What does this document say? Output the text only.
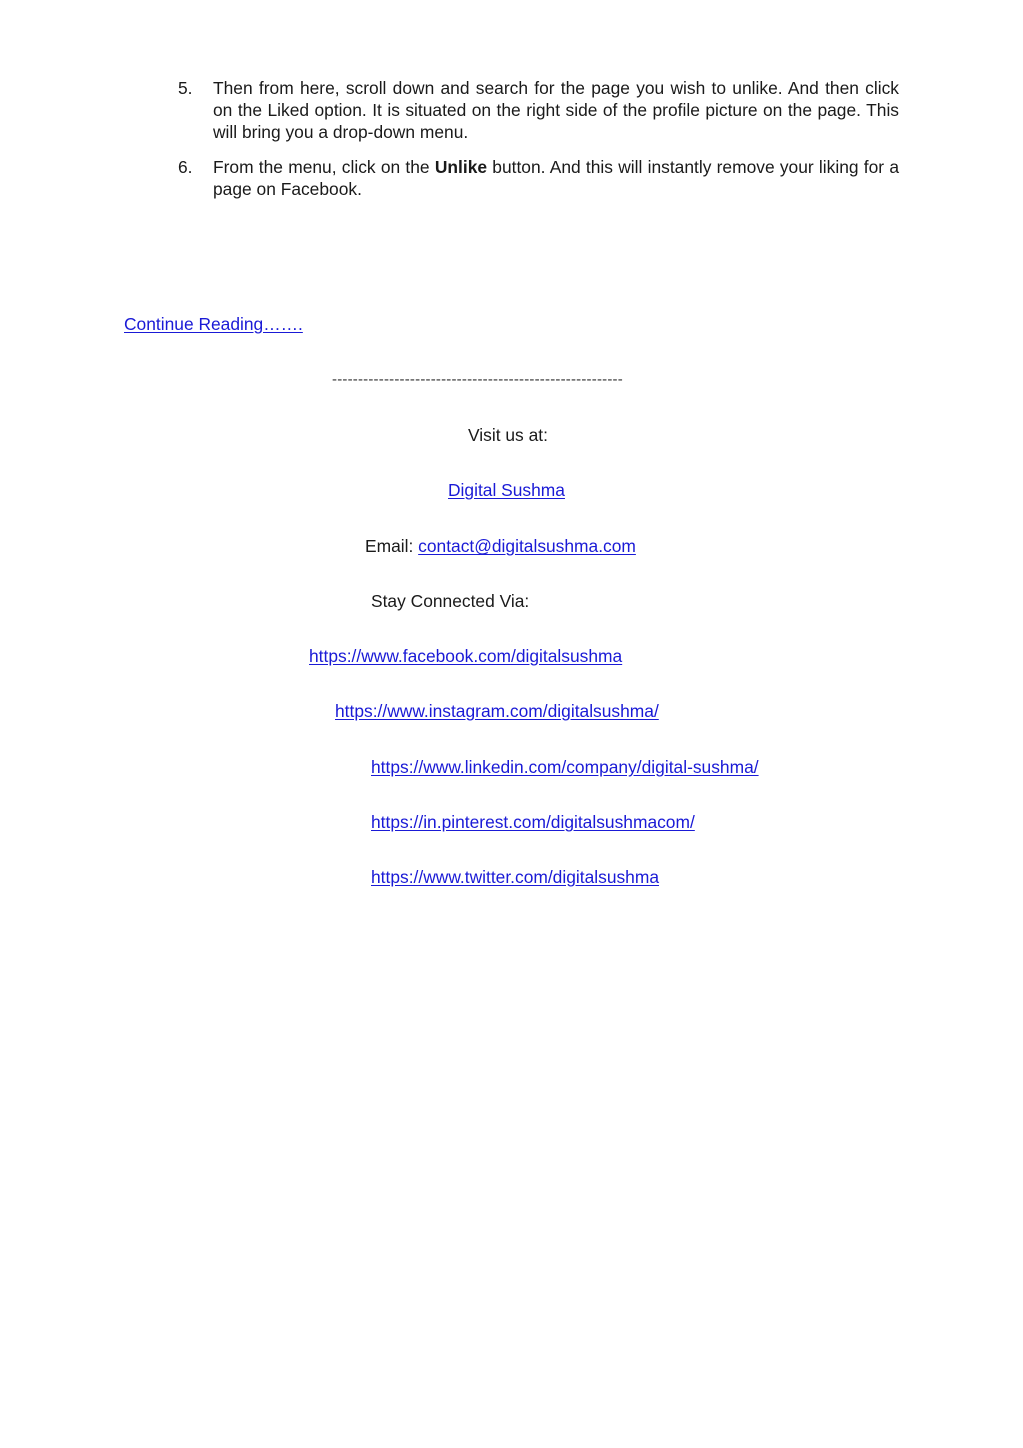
5.	Then from here, scroll down and search for the page you wish to unlike. And then click on the Liked option. It is situated on the right side of the profile picture on the page. This will bring you a drop-down menu.
6.	From the menu, click on the Unlike button. And this will instantly remove your liking for a page on Facebook.
Continue Reading…….
--------------------------------------------------------
Visit us at:
Digital Sushma
Email: contact@digitalsushma.com
Stay Connected Via:
https://www.facebook.com/digitalsushma
https://www.instagram.com/digitalsushma/
https://www.linkedin.com/company/digital-sushma/
https://in.pinterest.com/digitalsushmacom/
https://www.twitter.com/digitalsushma
